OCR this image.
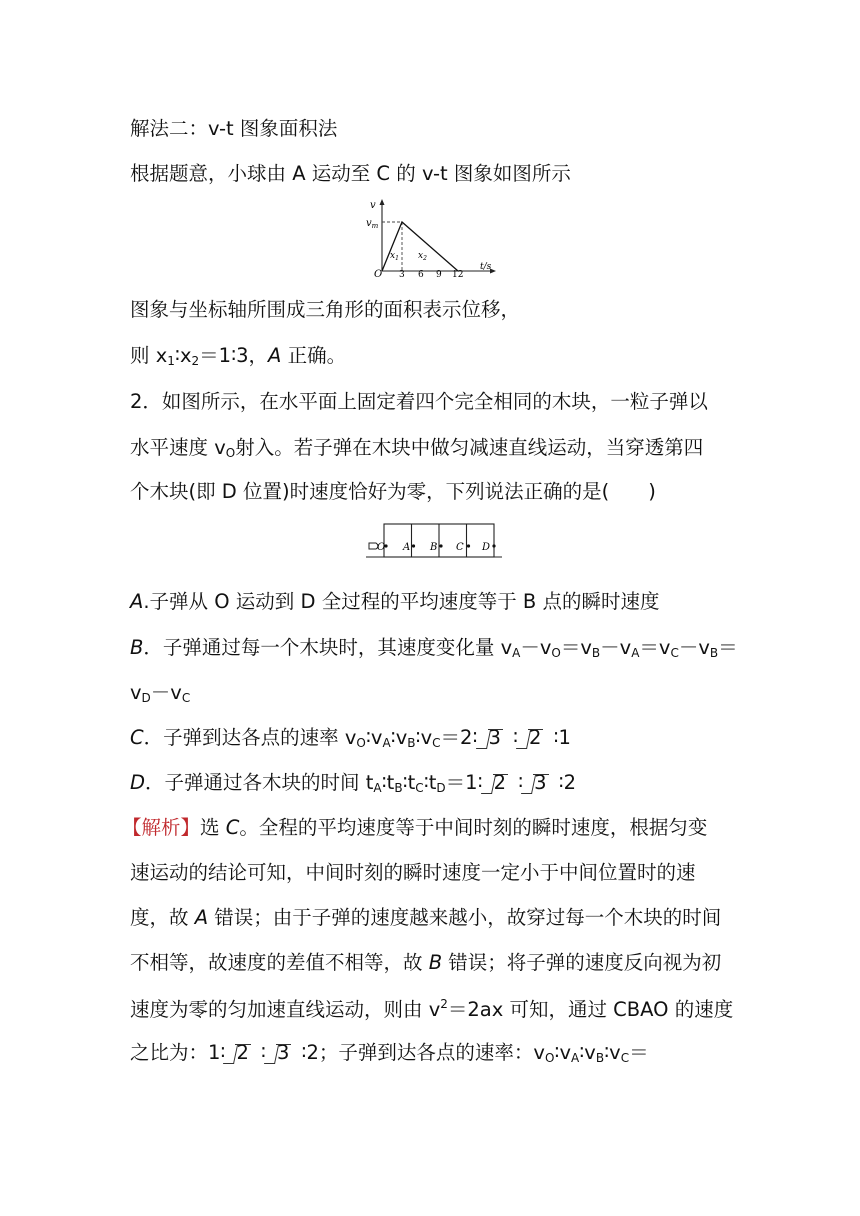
解法二：v-t 图象面积法
根据题意，小球由 A 运动至 C 的 v-t 图象如图所示
v
$v_m$
O 3 6 9 12
t/s
$x_1$ $x_2$
图象与坐标轴所围成三角形的面积表示位移，
则 $x_1∶x_2=1∶3$，A 正确。
2．如图所示，在水平面上固定着四个完全相同的木块，一粒子弹以
水平速度 $v_O$射入。若子弹在木块中做匀减速直线运动，当穿透第四
个木块(即 D 位置)时速度恰好为零，下列说法正确的是(　　)
O A B C D
A.子弹从 O 运动到 D 全过程的平均速度等于 B 点的瞬时速度
B．子弹通过每一个木块时，其速度变化量 $v_A-v_O=v_B-v_A=v_C-v_B=$
$v_D-v_C$
C．子弹到达各点的速率 $v_O∶v_A∶v_B∶v_C=2∶$ 3 ∶ 2 ∶1
D．子弹通过各木块的时间 $t_A∶t_B∶t_C∶t_D=1∶$ 2 ∶ 3 ∶2
【解析】选 C。全程的平均速度等于中间时刻的瞬时速度，根据匀变
速运动的结论可知，中间时刻的瞬时速度一定小于中间位置时的速
度，故 A 错误；由于子弹的速度越来越小，故穿过每一个木块的时间
不相等，故速度的差值不相等，故 B 错误；将子弹的速度反向视为初
速度为零的匀加速直线运动，则由 $v^2=2ax$ 可知，通过 CBAO 的速度
之比为：1∶ 2 ∶ 3 ∶2；子弹到达各点的速率：$v_O∶v_A∶v_B∶v_C=$
